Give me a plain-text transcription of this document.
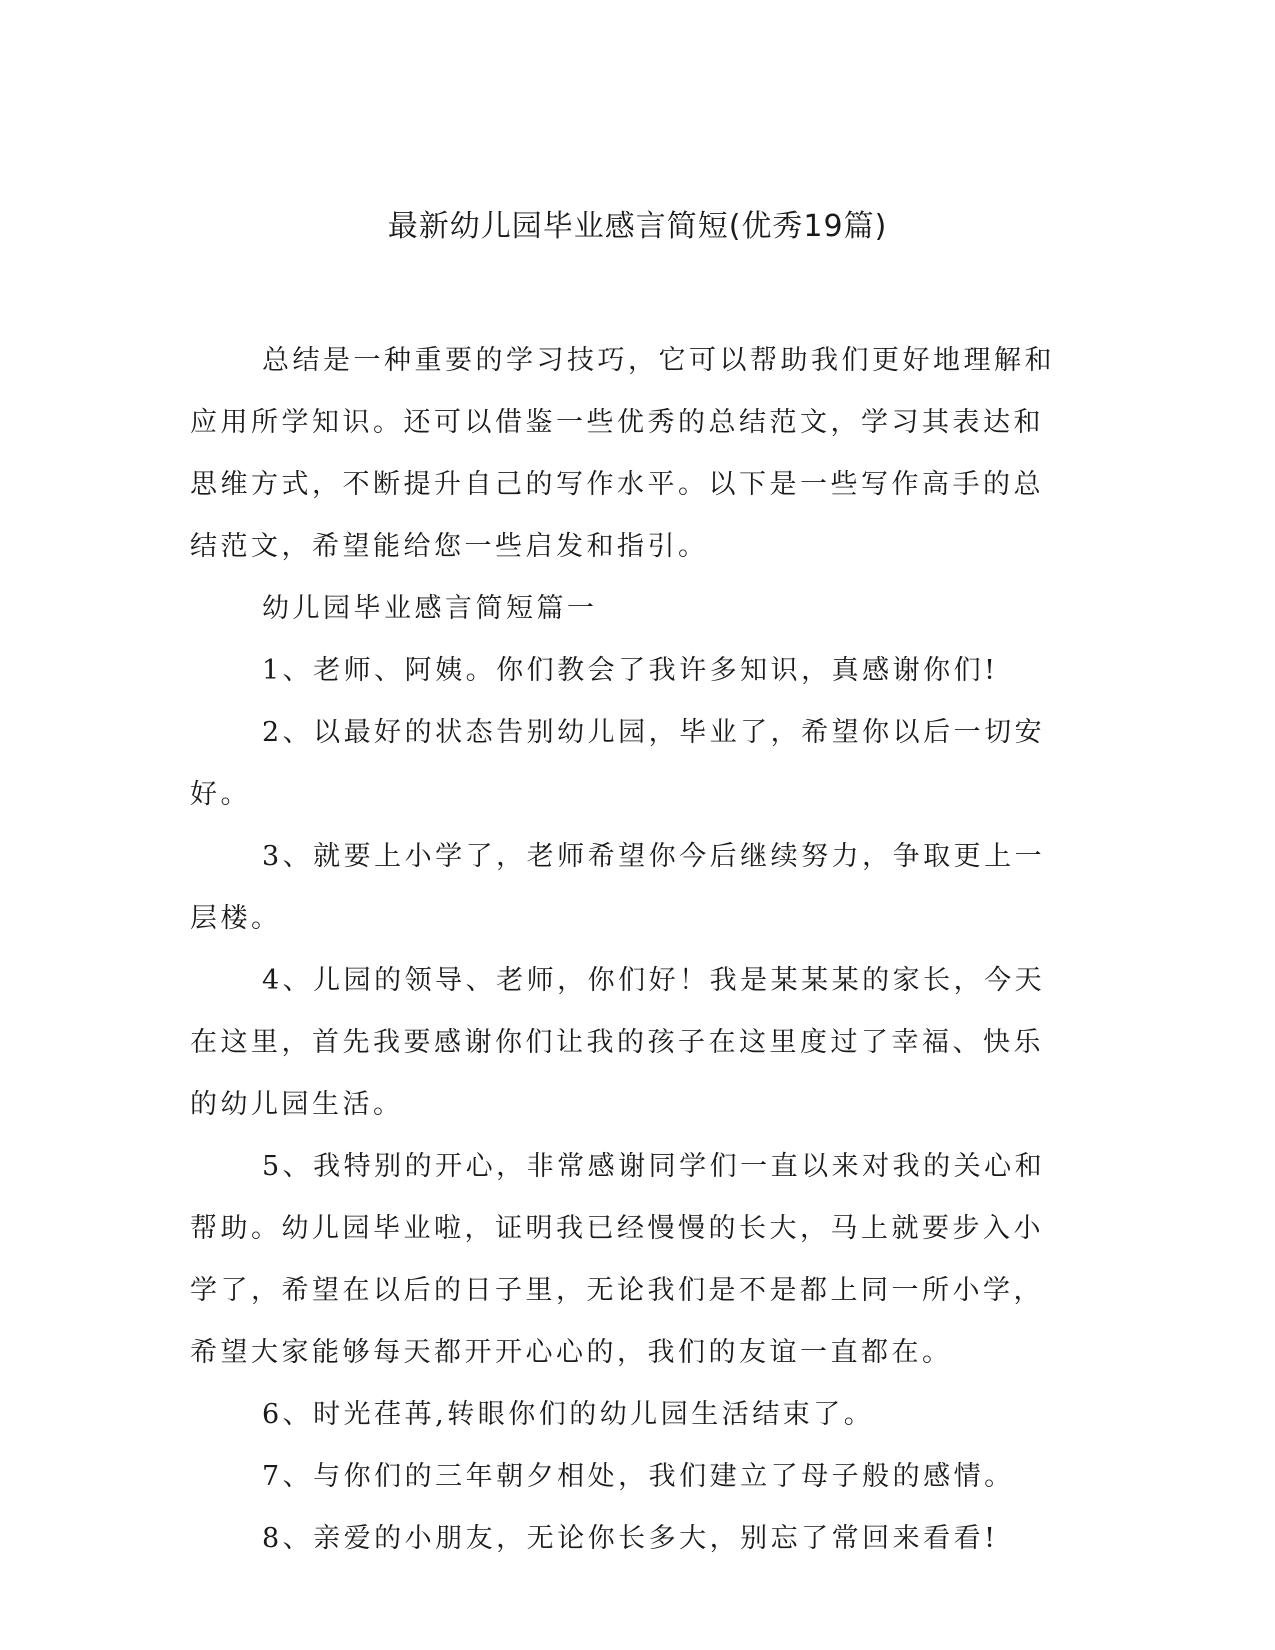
最新幼儿园毕业感言简短(优秀19篇)

总结是一种重要的学习技巧，它可以帮助我们更好地理解和应用所学知识。还可以借鉴一些优秀的总结范文，学习其表达和思维方式，不断提升自己的写作水平。以下是一些写作高手的总结范文，希望能给您一些启发和指引。

幼儿园毕业感言简短篇一

1、老师、阿姨。你们教会了我许多知识，真感谢你们!

2、以最好的状态告别幼儿园，毕业了，希望你以后一切安好。

3、就要上小学了，老师希望你今后继续努力，争取更上一层楼。

4、儿园的领导、老师，你们好！我是某某某的家长，今天在这里，首先我要感谢你们让我的孩子在这里度过了幸福、快乐的幼儿园生活。

5、我特别的开心，非常感谢同学们一直以来对我的关心和帮助。幼儿园毕业啦，证明我已经慢慢的长大，马上就要步入小学了，希望在以后的日子里，无论我们是不是都上同一所小学，希望大家能够每天都开开心心的，我们的友谊一直都在。

6、时光荏苒,转眼你们的幼儿园生活结束了。

7、与你们的三年朝夕相处，我们建立了母子般的感情。

8、亲爱的小朋友，无论你长多大，别忘了常回来看看!
